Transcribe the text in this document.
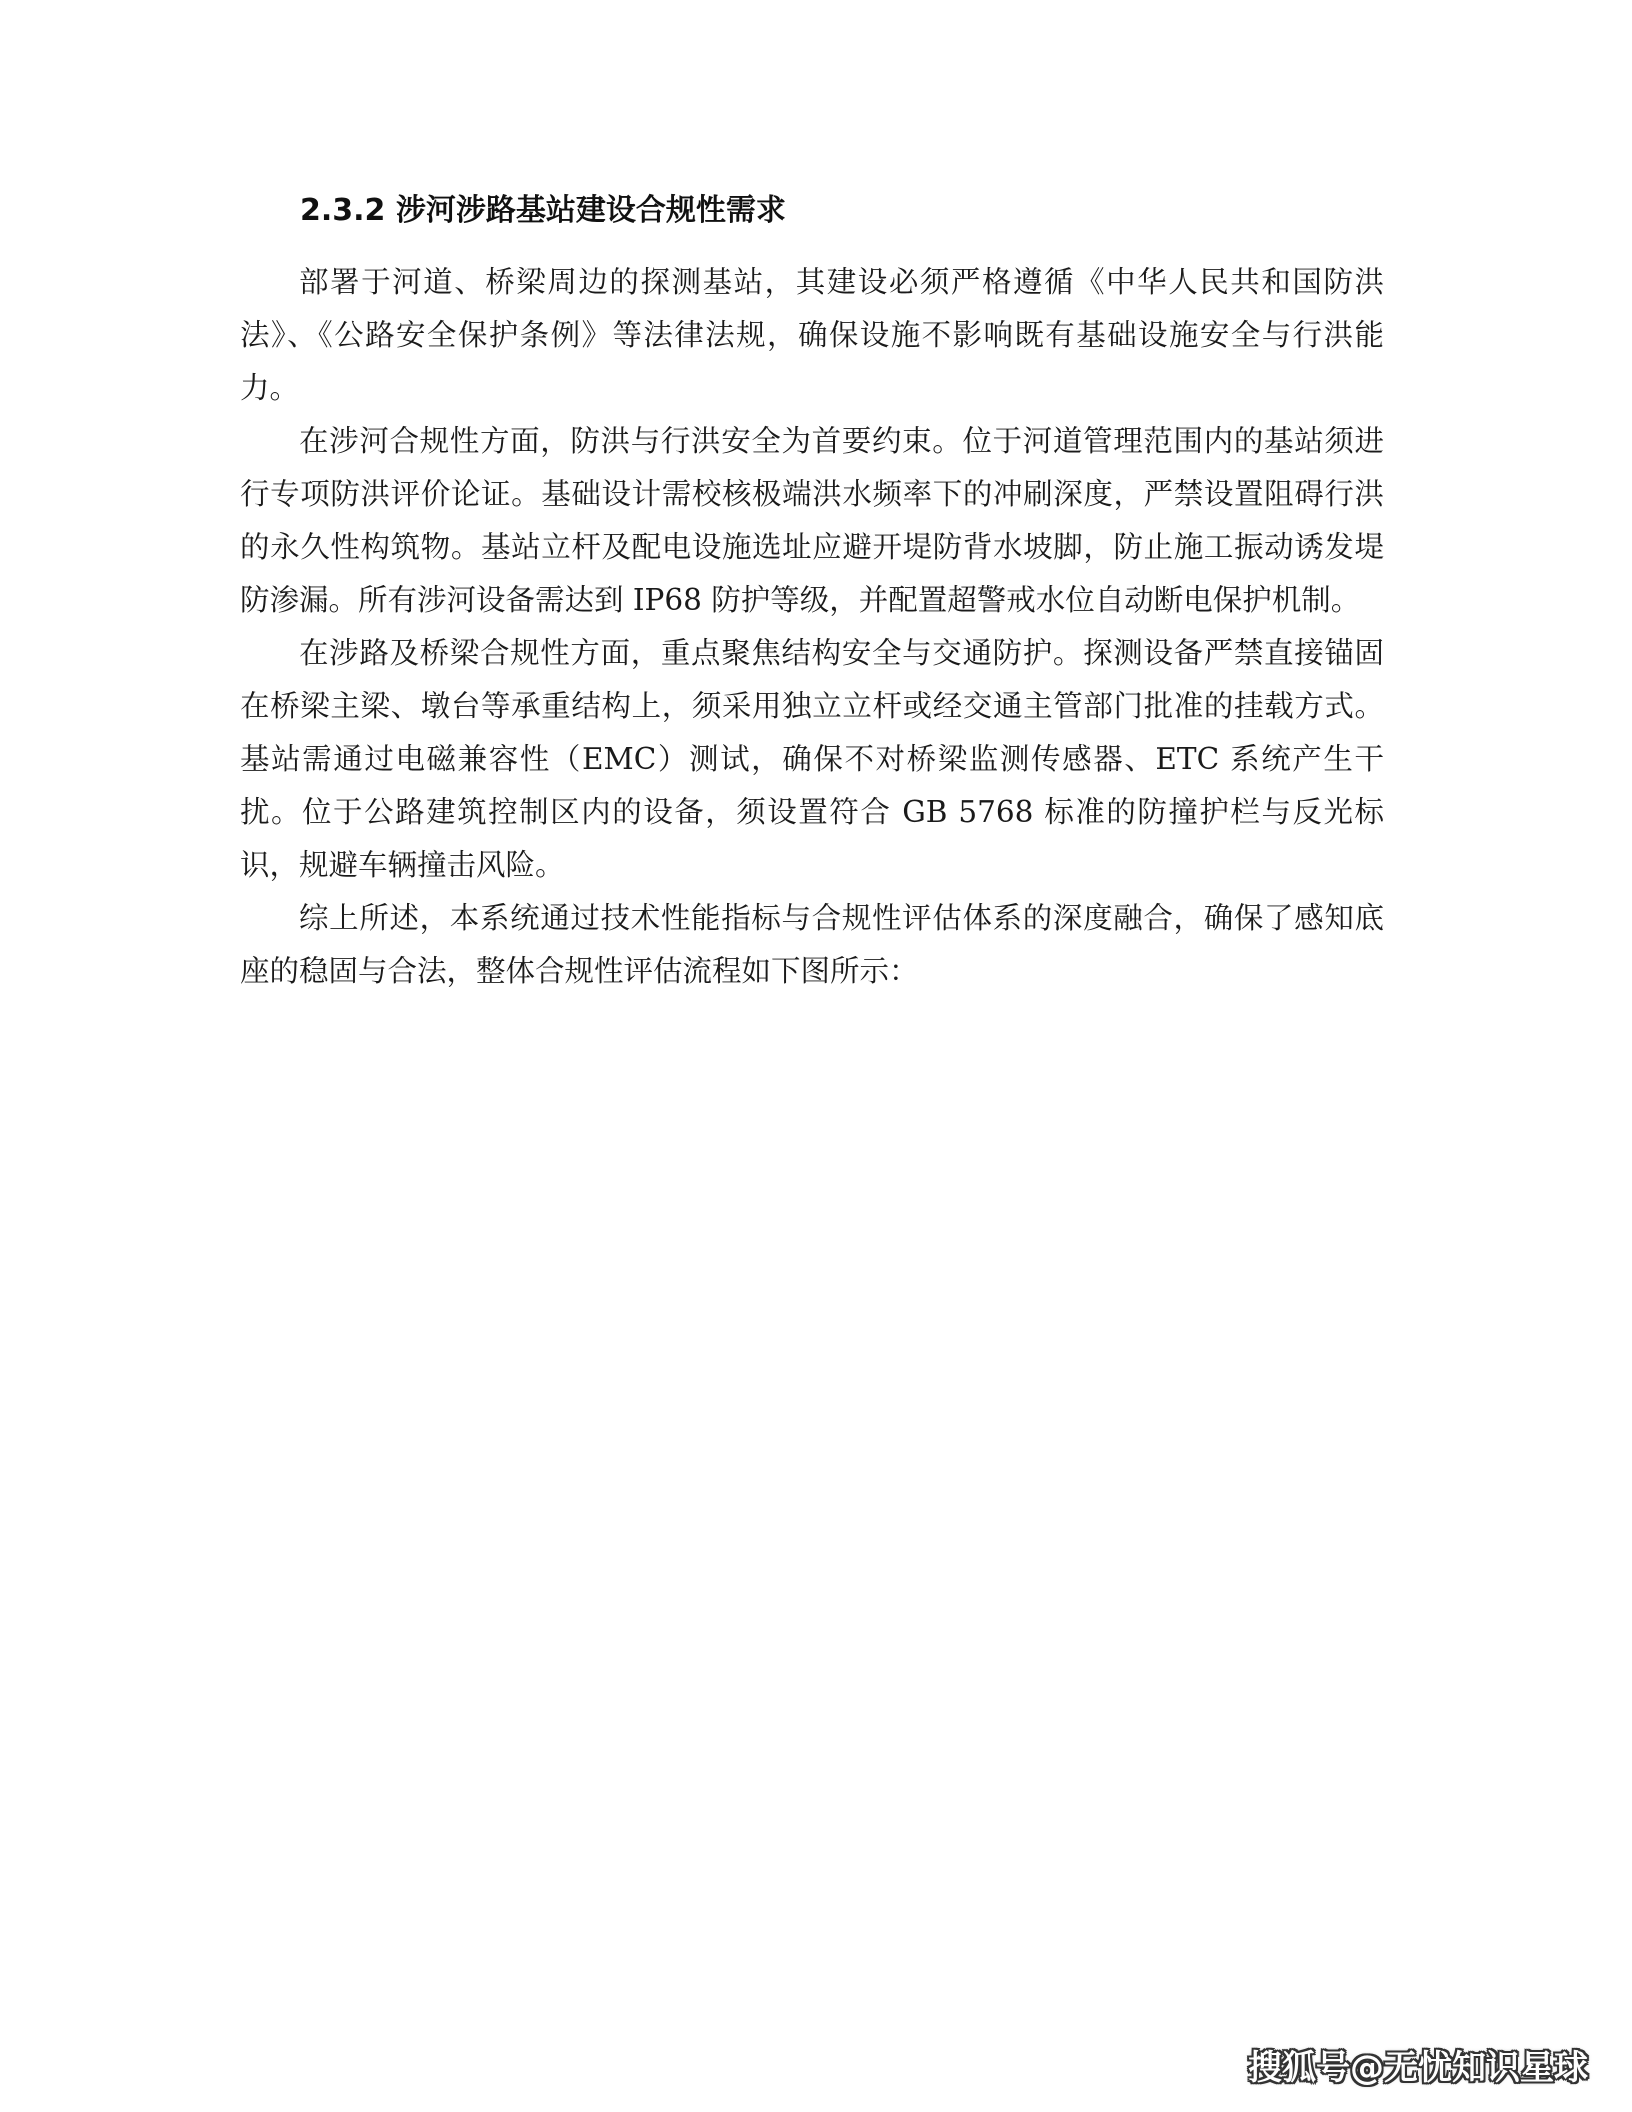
2.3.2 涉河涉路基站建设合规性需求

部署于河道、桥梁周边的探测基站，其建设必须严格遵循《中华人民共和国防洪法》、《公路安全保护条例》等法律法规，确保设施不影响既有基础设施安全与行洪能力。

在涉河合规性方面，防洪与行洪安全为首要约束。位于河道管理范围内的基站须进行专项防洪评价论证。基础设计需校核极端洪水频率下的冲刷深度，严禁设置阻碍行洪的永久性构筑物。基站立杆及配电设施选址应避开堤防背水坡脚，防止施工振动诱发堤防渗漏。所有涉河设备需达到 IP68 防护等级，并配置超警戒水位自动断电保护机制。

在涉路及桥梁合规性方面，重点聚焦结构安全与交通防护。探测设备严禁直接锚固在桥梁主梁、墩台等承重结构上，须采用独立立杆或经交通主管部门批准的挂载方式。基站需通过电磁兼容性（EMC）测试，确保不对桥梁监测传感器、ETC 系统产生干扰。位于公路建筑控制区内的设备，须设置符合 GB 5768 标准的防撞护栏与反光标识，规避车辆撞击风险。

综上所述，本系统通过技术性能指标与合规性评估体系的深度融合，确保了感知底座的稳固与合法，整体合规性评估流程如下图所示：

搜狐号@无忧知识星球
